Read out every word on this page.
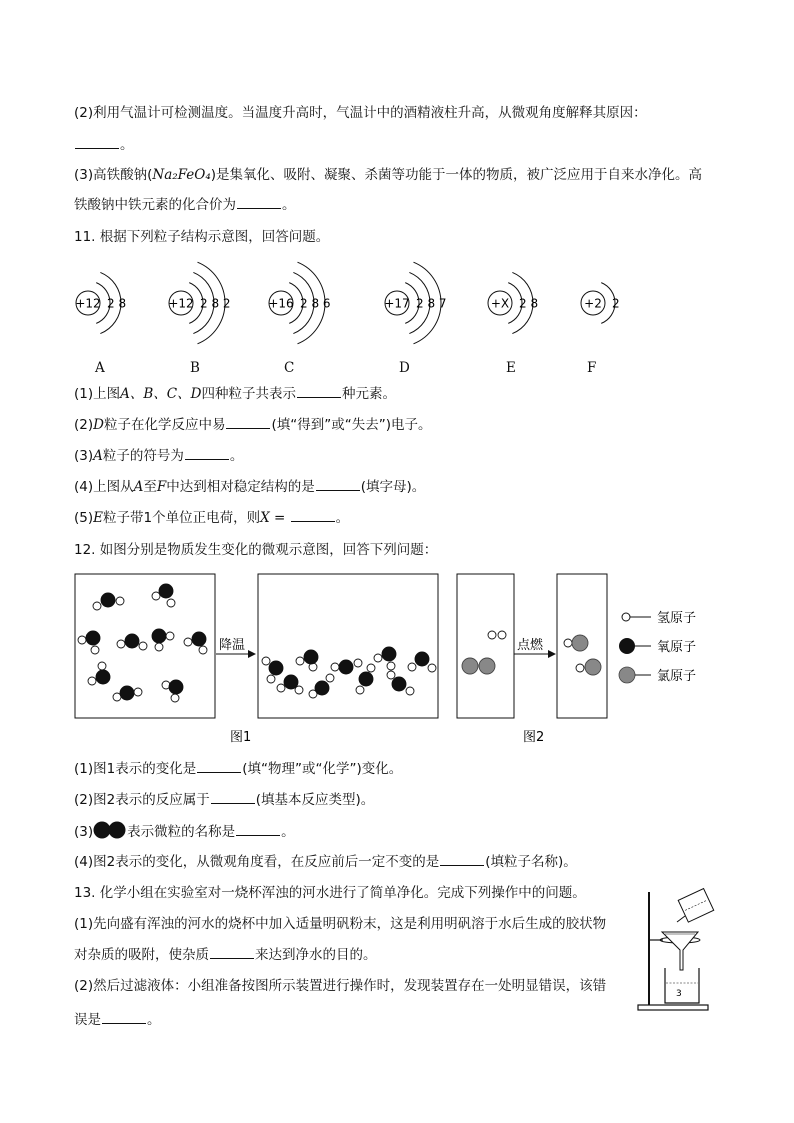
(2)利用气温计可检测温度。当温度升高时，气温计中的酒精液柱升高，从微观角度解释其原因：
。
(3)高铁酸钠(Na₂FeO₄)是集氧化、吸附、凝聚、杀菌等功能于一体的物质，被广泛应用于自来水净化。高
铁酸钠中铁元素的化合价为	。
11. 根据下列粒子结构示意图，回答问题。
+12 2 8	+12 2 8 2	+16 2 8 6	+17 2 8 7	+X 2 8	+2 2
A	B	C	D	E	F
(1)上图A、B、C、D四种粒子共表示	种元素。
(2)D粒子在化学反应中易	(填“得到”或“失去”)电子。
(3)A粒子的符号为	。
(4)上图从A至F中达到相对稳定结构的是	(填字母)。
(5)E粒子带1个单位正电荷，则X =	。
12. 如图分别是物质发生变化的微观示意图，回答下列问题：
降温	点燃
氢原子
氧原子
氯原子
图1	图2
(1)图1表示的变化是	(填“物理”或“化学”)变化。
(2)图2表示的反应属于	(填基本反应类型)。
(3)	表示微粒的名称是	。
(4)图2表示的变化，从微观角度看，在反应前后一定不变的是	(填粒子名称)。
13. 化学小组在实验室对一烧杯浑浊的河水进行了简单净化。完成下列操作中的问题。
(1)先向盛有浑浊的河水的烧杯中加入适量明矾粉末，这是利用明矾溶于水后生成的胶状物
对杂质的吸附，使杂质	来达到净水的目的。
(2)然后过滤液体：小组准备按图所示装置进行操作时，发现装置存在一处明显错误，该错
误是	。
3
